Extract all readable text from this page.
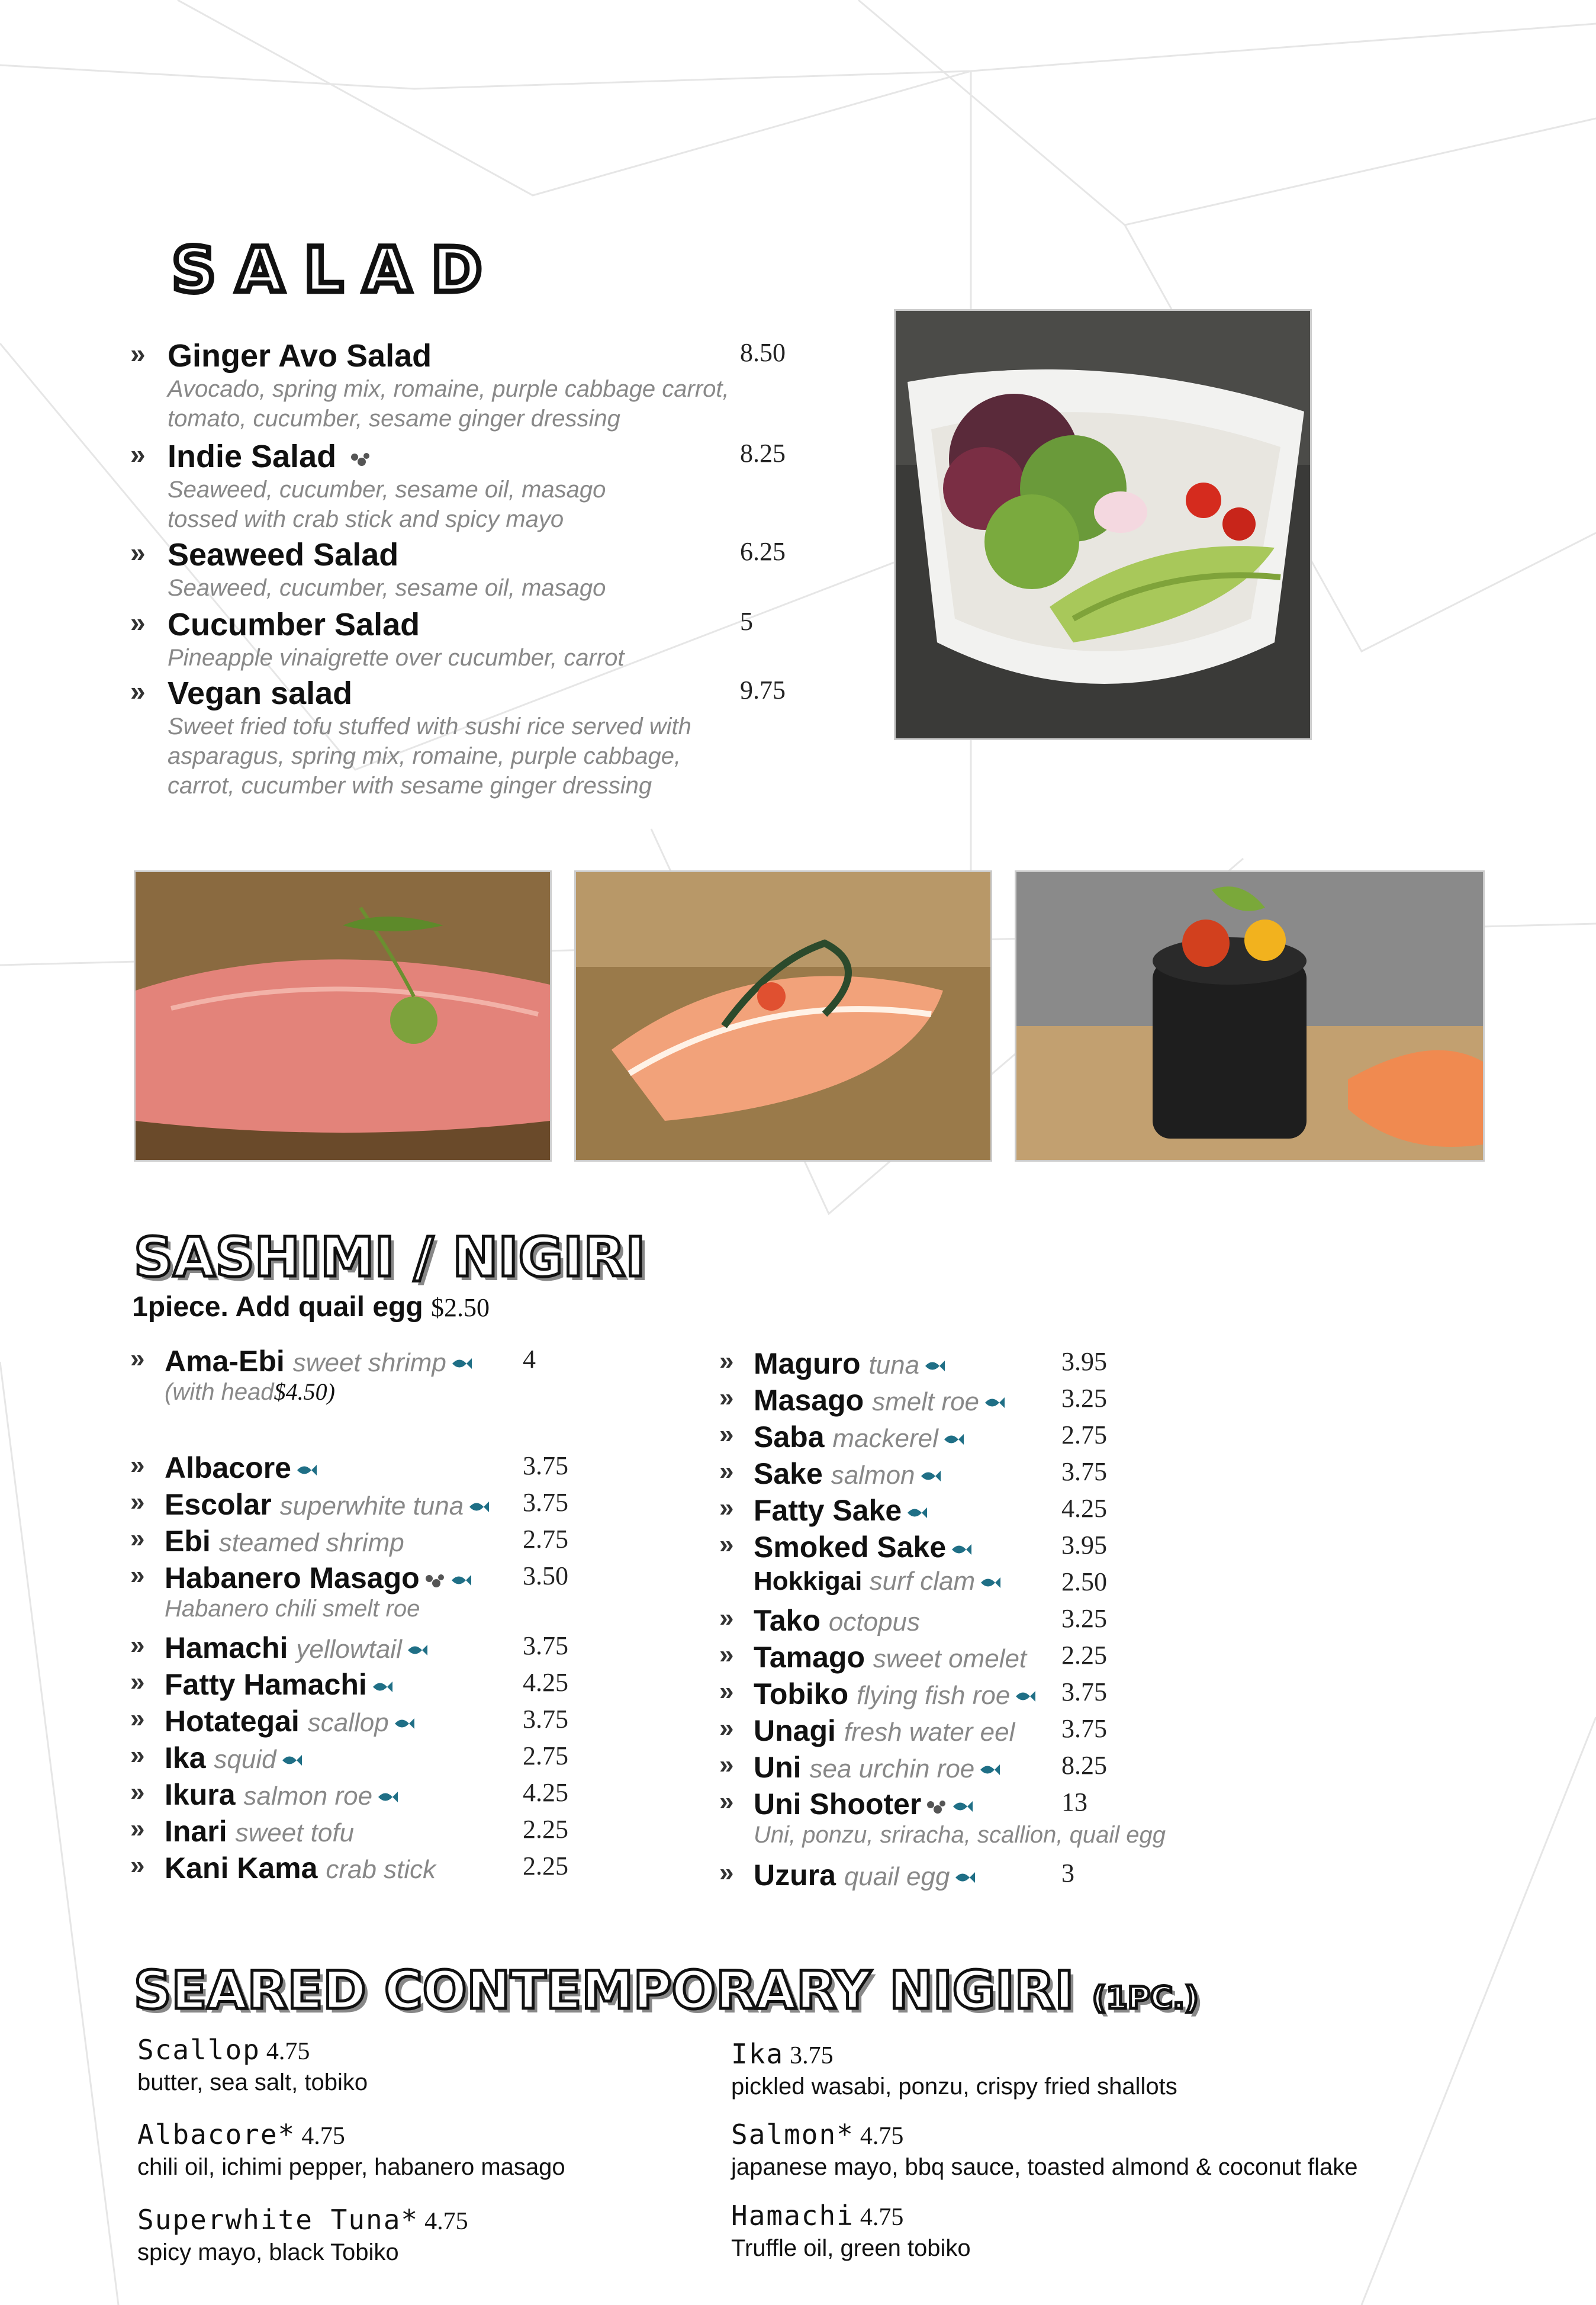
SALAD
» Ginger Avo Salad
Avocado, spring mix, romaine, purple cabbage carrot,
tomato, cucumber, sesame ginger dressing
8.50
» Indie Salad
Seaweed, cucumber, sesame oil, masago
tossed with crab stick and spicy mayo
8.25
» Seaweed Salad
Seaweed, cucumber, sesame oil, masago
6.25
» Cucumber Salad
Pineapple vinaigrette over cucumber, carrot
5
» Vegan salad
Sweet fried tofu stuffed with sushi rice served with
asparagus, spring mix, romaine, purple cabbage,
carrot, cucumber with sesame ginger dressing
9.75
SASHIMI / NIGIRI
1piece. Add quail egg $2.50
» Ama-Ebi sweet shrimp	4
(with head$4.50)
» Albacore	3.75
» Escolar superwhite tuna	3.75
» Ebi steamed shrimp	2.75
» Habanero Masago	3.50
Habanero chili smelt roe
» Hamachi yellowtail	3.75
» Fatty Hamachi	4.25
» Hotategai scallop	3.75
» Ika squid	2.75
» Ikura salmon roe	4.25
» Inari sweet tofu	2.25
» Kani Kama crab stick	2.25
» Maguro tuna	3.95
» Masago smelt roe	3.25
» Saba mackerel	2.75
» Sake salmon	3.75
» Fatty Sake	4.25
» Smoked Sake	3.95
Hokkigai surf clam	2.50
» Tako octopus	3.25
» Tamago sweet omelet 2.25
» Tobiko flying fish roe	3.75
» Unagi fresh water eel 3.75
» Uni sea urchin roe	8.25
» Uni Shooter	13
Uni, ponzu, sriracha, scallion, quail egg
» Uzura quail egg	3
SEARED CONTEMPORARY NIGIRI (1PC.)
Scallop 4.75
butter, sea salt, tobiko
Albacore* 4.75
chili oil, ichimi pepper, habanero masago
Superwhite Tuna* 4.75
spicy mayo, black Tobiko
Ika 3.75
pickled wasabi, ponzu, crispy fried shallots
Salmon* 4.75
japanese mayo, bbq sauce, toasted almond & coconut flake
Hamachi 4.75
Truffle oil, green tobiko
